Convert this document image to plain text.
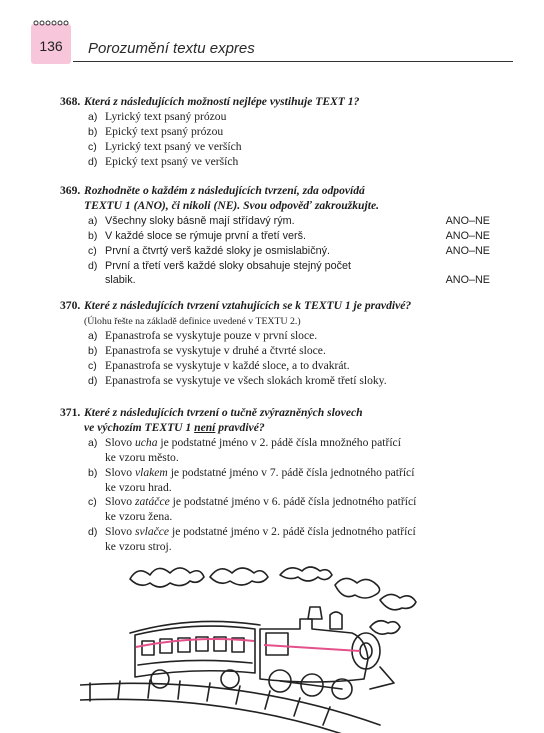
136	Porozumění textu expres
368. Která z následujících možností nejlépe vystihuje TEXT 1?
a) Lyrický text psaný prózou
b) Epický text psaný prózou
c) Lyrický text psaný ve verších
d) Epický text psaný ve verších
369. Rozhodněte o každém z následujících tvrzení, zda odpovídá
TEXTU 1 (ANO), či nikoli (NE). Svou odpověď zakroužkujte.
a) Všechny sloky básně mají střídavý rým.	ANO–NE
b) V každé sloce se rýmuje první a třetí verš.	ANO–NE
c) První a čtvrtý verš každé sloky je osmislabičný.	ANO–NE
d) První a třetí verš každé sloky obsahuje stejný počet
slabik.	ANO–NE
370. Které z následujících tvrzení vztahujících se k TEXTU 1 je pravdivé?
(Úlohu řešte na základě definice uvedené v TEXTU 2.)
a) Epanastrofa se vyskytuje pouze v první sloce.
b) Epanastrofa se vyskytuje v druhé a čtvrté sloce.
c) Epanastrofa se vyskytuje v každé sloce, a to dvakrát.
d) Epanastrofa se vyskytuje ve všech slokách kromě třetí sloky.
371. Které z následujících tvrzení o tučně zvýrazněných slovech
ve výchozím TEXTU 1 není pravdivé?
a) Slovo ucha je podstatné jméno v 2. pádě čísla množného patřící
ke vzoru město.
b) Slovo vlakem je podstatné jméno v 7. pádě čísla jednotného patřící
ke vzoru hrad.
c) Slovo zatáčce je podstatné jméno v 6. pádě čísla jednotného patřící
ke vzoru žena.
d) Slovo svlačce je podstatné jméno v 2. pádě čísla jednotného patřící
ke vzoru stroj.
